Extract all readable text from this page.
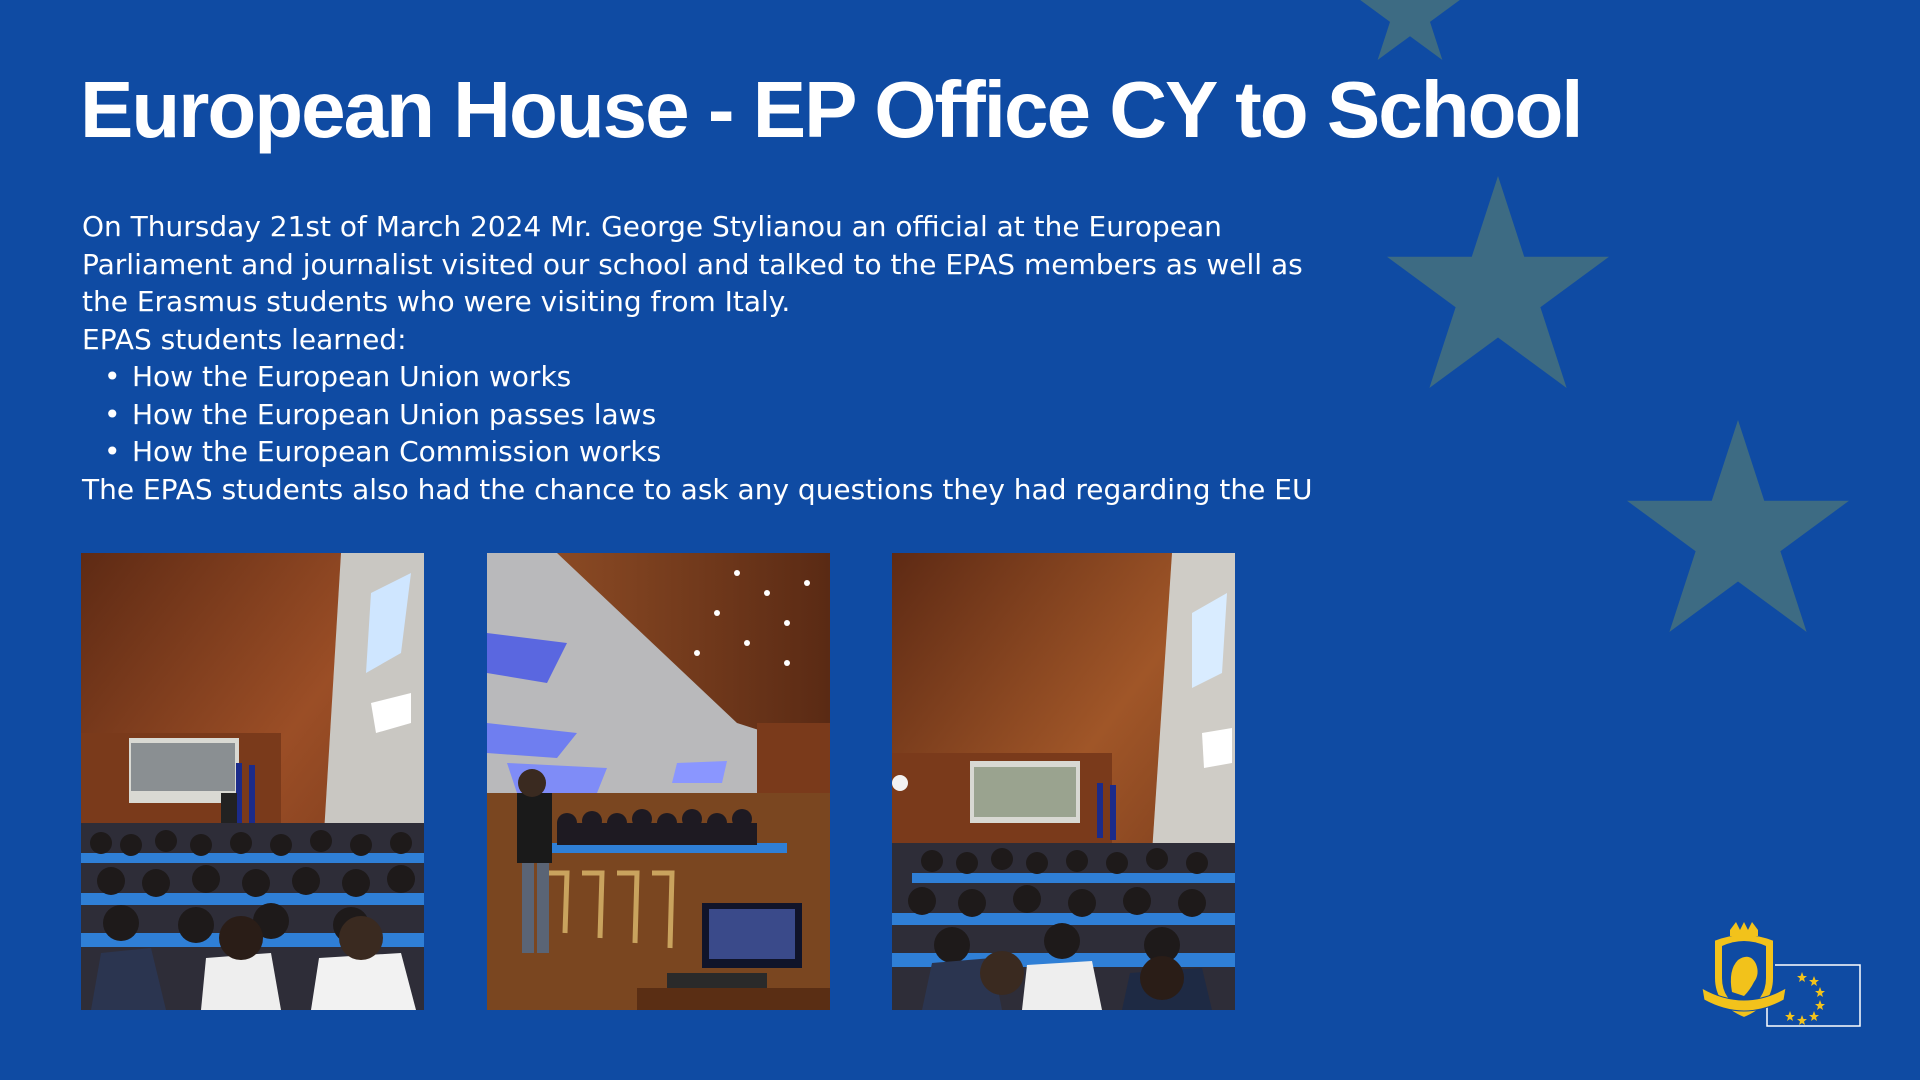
European House - EP Office CY to School

On Thursday 21st of March 2024 Mr. George Stylianou an official at the European Parliament and journalist visited our school and talked to the EPAS members as well as the Erasmus students who were visiting from Italy.

EPAS students learned:

• How the European Union works
• How the European Union passes laws
• How the European Commission works

The EPAS students also had the chance to ask any questions they had regarding the EU
